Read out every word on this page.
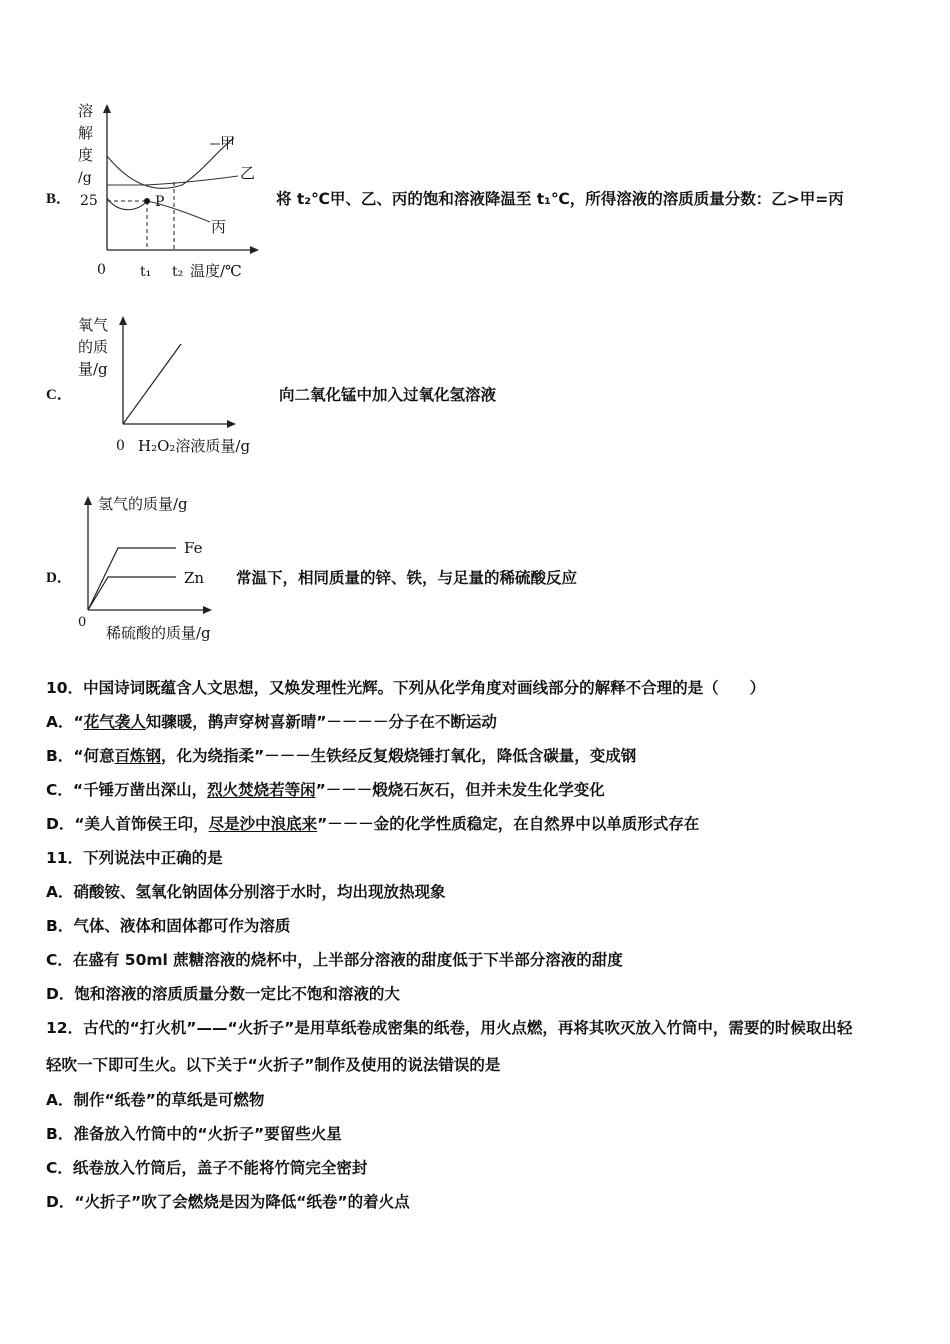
B．
溶
解
度
/g
25	P
甲
乙
丙
0 t₁ t₂ 温度/℃
将 t₂℃甲、乙、丙的饱和溶液降温至 t₁℃，所得溶液的溶质质量分数：乙>甲=丙
C．
氧气
的质
量/g
0 H₂O₂溶液质量/g
向二氧化锰中加入过氧化氢溶液
D．
氢气的质量/g
Fe
Zn
0
稀硫酸的质量/g
常温下，相同质量的锌、铁，与足量的稀硫酸反应
10．中国诗词既蕴含人文思想，又焕发理性光辉。下列从化学角度对画线部分的解释不合理的是（　　）
A．“花气袭人知骤暖，鹊声穿树喜新晴”－－－－分子在不断运动
B．“何意百炼钢，化为绕指柔”－－－生铁经反复煅烧锤打氧化，降低含碳量，变成钢
C．“千锤万凿出深山，烈火焚烧若等闲”－－－煅烧石灰石，但并未发生化学变化
D．“美人首饰侯王印，尽是沙中浪底来”－－－金的化学性质稳定，在自然界中以单质形式存在
11．下列说法中正确的是
A．硝酸铵、氢氧化钠固体分别溶于水时，均出现放热现象
B．气体、液体和固体都可作为溶质
C．在盛有 50ml 蔗糖溶液的烧杯中，上半部分溶液的甜度低于下半部分溶液的甜度
D．饱和溶液的溶质质量分数一定比不饱和溶液的大
12．古代的“打火机”——“火折子”是用草纸卷成密集的纸卷，用火点燃，再将其吹灭放入竹筒中，需要的时候取出轻
轻吹一下即可生火。以下关于“火折子”制作及使用的说法错误的是
A．制作“纸卷”的草纸是可燃物
B．准备放入竹筒中的“火折子”要留些火星
C．纸卷放入竹筒后，盖子不能将竹筒完全密封
D．“火折子”吹了会燃烧是因为降低“纸卷”的着火点
